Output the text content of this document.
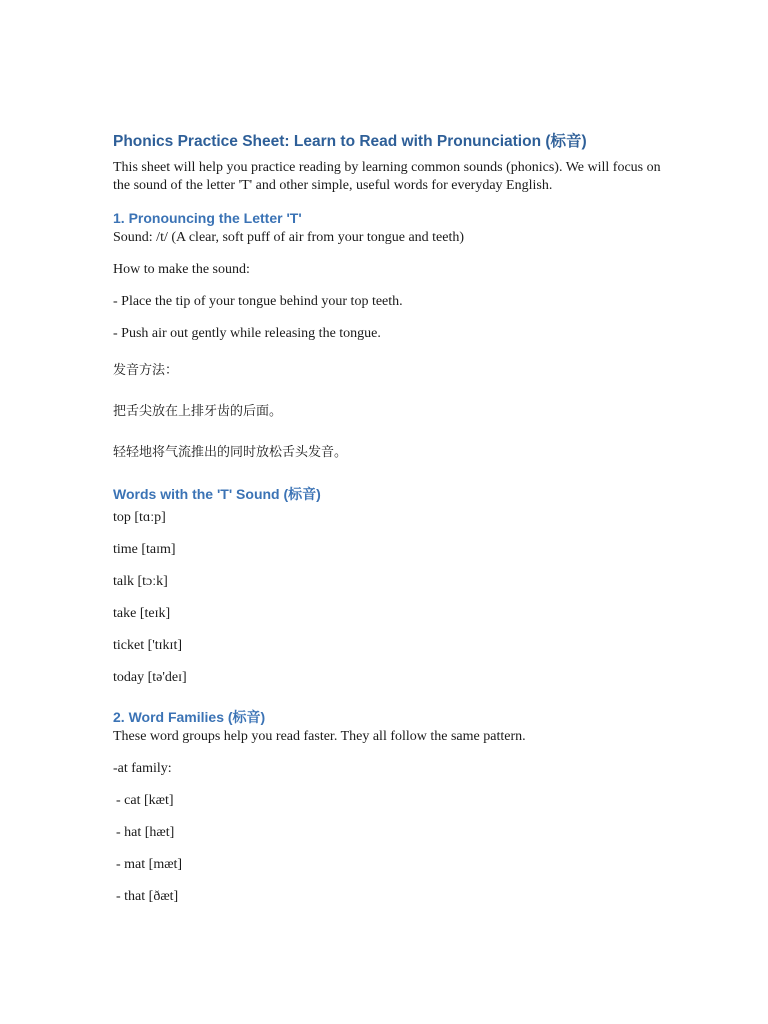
Phonics Practice Sheet: Learn to Read with Pronunciation (标音)

This sheet will help you practice reading by learning common sounds (phonics). We will focus on the sound of the letter 'T' and other simple, useful words for everyday English.

1. Pronouncing the Letter 'T'

Sound: /t/ (A clear, soft puff of air from your tongue and teeth)

How to make the sound:

- Place the tip of your tongue behind your top teeth.

- Push air out gently while releasing the tongue.

发音方法：

把舌尖放在上排牙齿的后面。

轻轻地将气流推出的同时放松舌头发音。

Words with the 'T' Sound (标音)

top [tɑːp]

time [taɪm]

talk [tɔːk]

take [teɪk]

ticket ['tɪkɪt]

today [tə'deɪ]

2. Word Families (标音)

These word groups help you read faster. They all follow the same pattern.

-at family:

- cat [kæt]

- hat [hæt]

- mat [mæt]

- that [ðæt]
